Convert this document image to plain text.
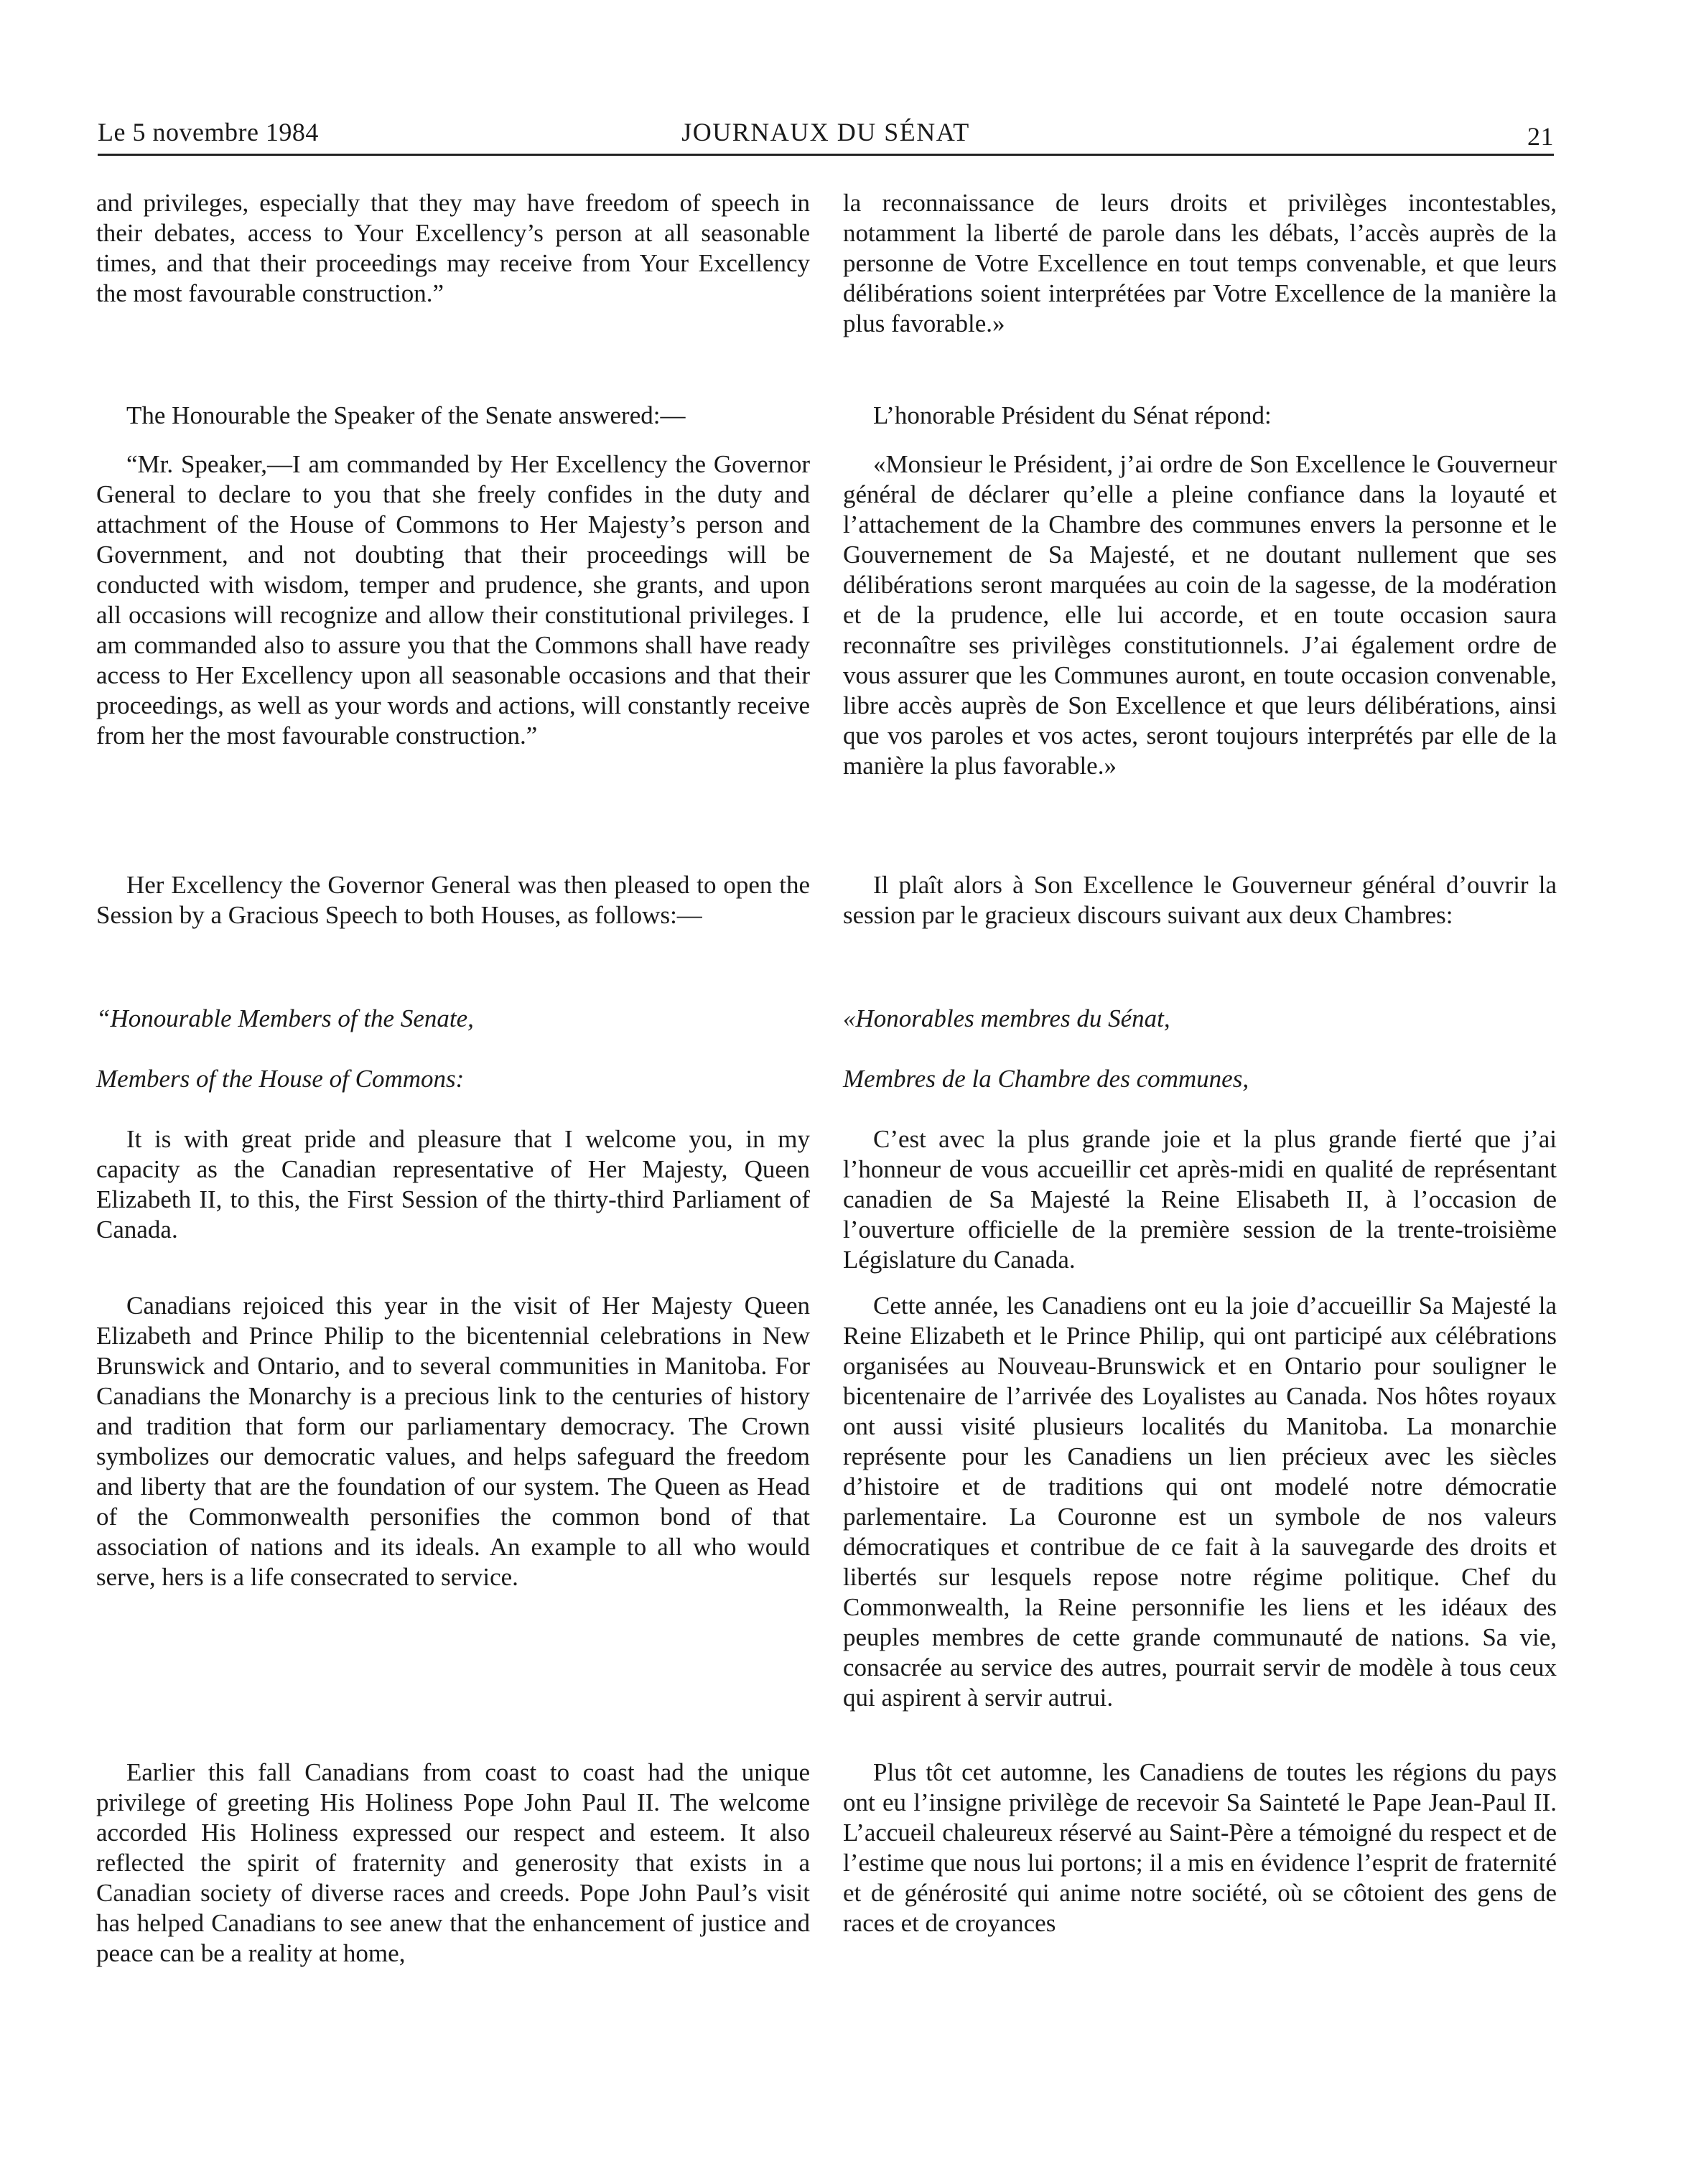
Le 5 novembre 1984	JOURNAUX DU SÉNAT	21

and privileges, especially that they may have freedom of speech in their debates, access to Your Excellency’s person at all seasonable times, and that their proceedings may receive from Your Excellency the most favourable construction.”

The Honourable the Speaker of the Senate answered:—

“Mr. Speaker,—I am commanded by Her Excellency the Governor General to declare to you that she freely confides in the duty and attachment of the House of Commons to Her Majesty’s person and Government, and not doubting that their proceedings will be conducted with wisdom, temper and prudence, she grants, and upon all occasions will recognize and allow their constitutional privileges. I am commanded also to assure you that the Commons shall have ready access to Her Excellency upon all seasonable occasions and that their proceedings, as well as your words and actions, will constantly receive from her the most favourable construction.”

Her Excellency the Governor General was then pleased to open the Session by a Gracious Speech to both Houses, as follows:—

“Honourable Members of the Senate,

Members of the House of Commons:

It is with great pride and pleasure that I welcome you, in my capacity as the Canadian representative of Her Majesty, Queen Elizabeth II, to this, the First Session of the thirty-third Parliament of Canada.

Canadians rejoiced this year in the visit of Her Majesty Queen Elizabeth and Prince Philip to the bicentennial celebrations in New Brunswick and Ontario, and to several communities in Manitoba. For Canadians the Monarchy is a precious link to the centuries of history and tradition that form our parliamentary democracy. The Crown symbolizes our democratic values, and helps safeguard the freedom and liberty that are the foundation of our system. The Queen as Head of the Commonwealth personifies the common bond of that association of nations and its ideals. An example to all who would serve, hers is a life consecrated to service.

Earlier this fall Canadians from coast to coast had the unique privilege of greeting His Holiness Pope John Paul II. The welcome accorded His Holiness expressed our respect and esteem. It also reflected the spirit of fraternity and generosity that exists in a Canadian society of diverse races and creeds. Pope John Paul’s visit has helped Canadians to see anew that the enhancement of justice and peace can be a reality at home,

la reconnaissance de leurs droits et privilèges incontestables, notamment la liberté de parole dans les débats, l’accès auprès de la personne de Votre Excellence en tout temps convenable, et que leurs délibérations soient interprétées par Votre Excellence de la manière la plus favorable.»

L’honorable Président du Sénat répond:

«Monsieur le Président, j’ai ordre de Son Excellence le Gouverneur général de déclarer qu’elle a pleine confiance dans la loyauté et l’attachement de la Chambre des communes envers la personne et le Gouvernement de Sa Majesté, et ne doutant nullement que ses délibérations seront marquées au coin de la sagesse, de la modération et de la prudence, elle lui accorde, et en toute occasion saura reconnaître ses privilèges constitutionnels. J’ai également ordre de vous assurer que les Communes auront, en toute occasion convenable, libre accès auprès de Son Excellence et que leurs délibérations, ainsi que vos paroles et vos actes, seront toujours interprétés par elle de la manière la plus favorable.»

Il plaît alors à Son Excellence le Gouverneur général d’ouvrir la session par le gracieux discours suivant aux deux Chambres:

«Honorables membres du Sénat,

Membres de la Chambre des communes,

C’est avec la plus grande joie et la plus grande fierté que j’ai l’honneur de vous accueillir cet après-midi en qualité de représentant canadien de Sa Majesté la Reine Elisabeth II, à l’occasion de l’ouverture officielle de la première session de la trente-troisième Législature du Canada.

Cette année, les Canadiens ont eu la joie d’accueillir Sa Majesté la Reine Elizabeth et le Prince Philip, qui ont participé aux célébrations organisées au Nouveau-Brunswick et en Ontario pour souligner le bicentenaire de l’arrivée des Loyalistes au Canada. Nos hôtes royaux ont aussi visité plusieurs localités du Manitoba. La monarchie représente pour les Canadiens un lien précieux avec les siècles d’histoire et de traditions qui ont modelé notre démocratie parlementaire. La Couronne est un symbole de nos valeurs démocratiques et contribue de ce fait à la sauvegarde des droits et libertés sur lesquels repose notre régime politique. Chef du Commonwealth, la Reine personnifie les liens et les idéaux des peuples membres de cette grande communauté de nations. Sa vie, consacrée au service des autres, pourrait servir de modèle à tous ceux qui aspirent à servir autrui.

Plus tôt cet automne, les Canadiens de toutes les régions du pays ont eu l’insigne privilège de recevoir Sa Sainteté le Pape Jean-Paul II. L’accueil chaleureux réservé au Saint-Père a témoigné du respect et de l’estime que nous lui portons; il a mis en évidence l’esprit de fraternité et de générosité qui anime notre société, où se côtoient des gens de races et de croyances
